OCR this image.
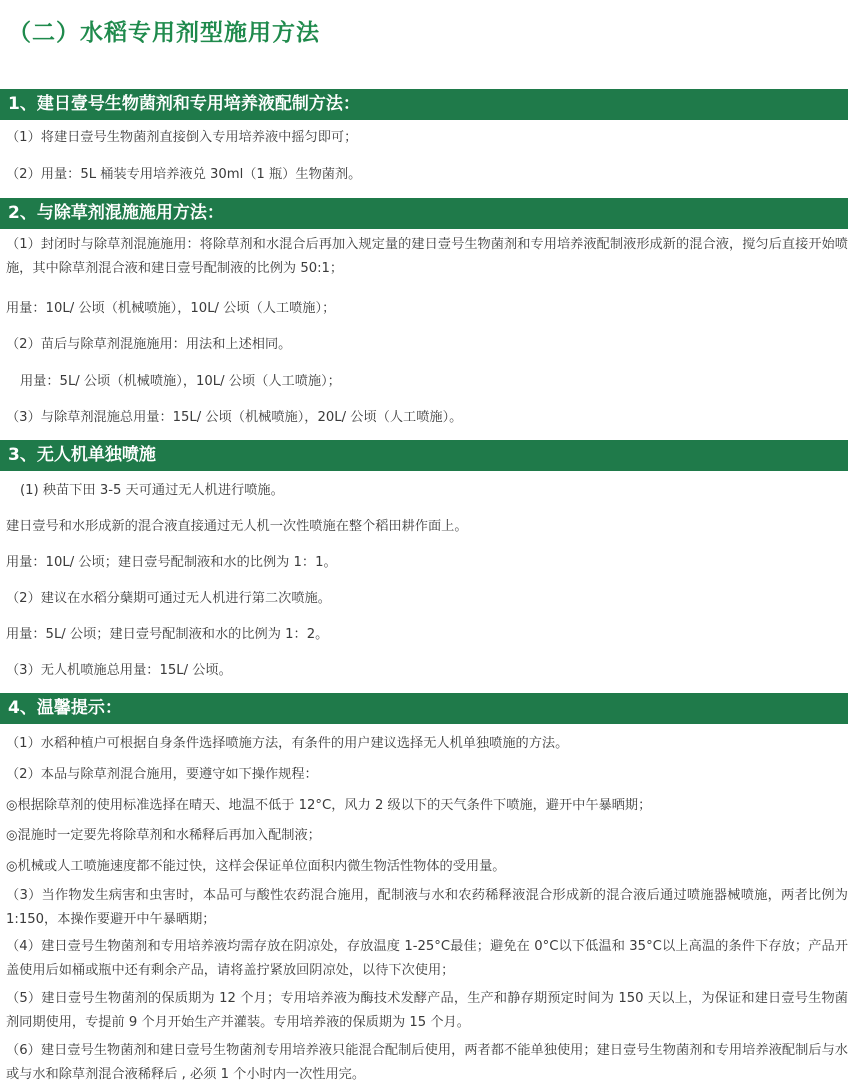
（二）水稻专用剂型施用方法
1、建日壹号生物菌剂和专用培养液配制方法：
（1）将建日壹号生物菌剂直接倒入专用培养液中摇匀即可；
（2）用量：5L 桶装专用培养液兑 30ml（1 瓶）生物菌剂。
2、与除草剂混施施用方法：
（1）封闭时与除草剂混施施用：将除草剂和水混合后再加入规定量的建日壹号生物菌剂和专用培养液配制液形成新的混合液，搅匀后直接开始喷施，其中除草剂混合液和建日壹号配制液的比例为 50:1；
用量：10L/ 公顷（机械喷施），10L/ 公顷（人工喷施）；
（2）苗后与除草剂混施施用：用法和上述相同。
用量：5L/ 公顷（机械喷施），10L/ 公顷（人工喷施）；
（3）与除草剂混施总用量：15L/ 公顷（机械喷施），20L/ 公顷（人工喷施）。
3、无人机单独喷施
(1) 秧苗下田 3-5 天可通过无人机进行喷施。
建日壹号和水形成新的混合液直接通过无人机一次性喷施在整个稻田耕作面上。
用量：10L/ 公顷；建日壹号配制液和水的比例为 1：1。
（2）建议在水稻分蘖期可通过无人机进行第二次喷施。
用量：5L/ 公顷；建日壹号配制液和水的比例为 1：2。
（3）无人机喷施总用量：15L/ 公顷。
4、温馨提示：
（1）水稻种植户可根据自身条件选择喷施方法，有条件的用户建议选择无人机单独喷施的方法。
（2）本品与除草剂混合施用，要遵守如下操作规程：
◎根据除草剂的使用标准选择在晴天、地温不低于 12°C，风力 2 级以下的天气条件下喷施，避开中午暴晒期；
◎混施时一定要先将除草剂和水稀释后再加入配制液；
◎机械或人工喷施速度都不能过快，这样会保证单位面积内微生物活性物体的受用量。
（3）当作物发生病害和虫害时，本品可与酸性农药混合施用，配制液与水和农药稀释液混合形成新的混合液后通过喷施器械喷施，两者比例为 1:150，本操作要避开中午暴晒期；
（4）建日壹号生物菌剂和专用培养液均需存放在阴凉处，存放温度 1-25°C最佳；避免在 0°C以下低温和 35°C以上高温的条件下存放；产品开盖使用后如桶或瓶中还有剩余产品，请将盖拧紧放回阴凉处，以待下次使用；
（5）建日壹号生物菌剂的保质期为 12 个月；专用培养液为酶技术发酵产品，生产和静存期预定时间为 150 天以上，为保证和建日壹号生物菌剂同期使用，专提前 9 个月开始生产并灌装。专用培养液的保质期为 15 个月。
（6）建日壹号生物菌剂和建日壹号生物菌剂专用培养液只能混合配制后使用，两者都不能单独使用；建日壹号生物菌剂和专用培养液配制后与水或与水和除草剂混合液稀释后 , 必须 1 个小时内一次性用完。
